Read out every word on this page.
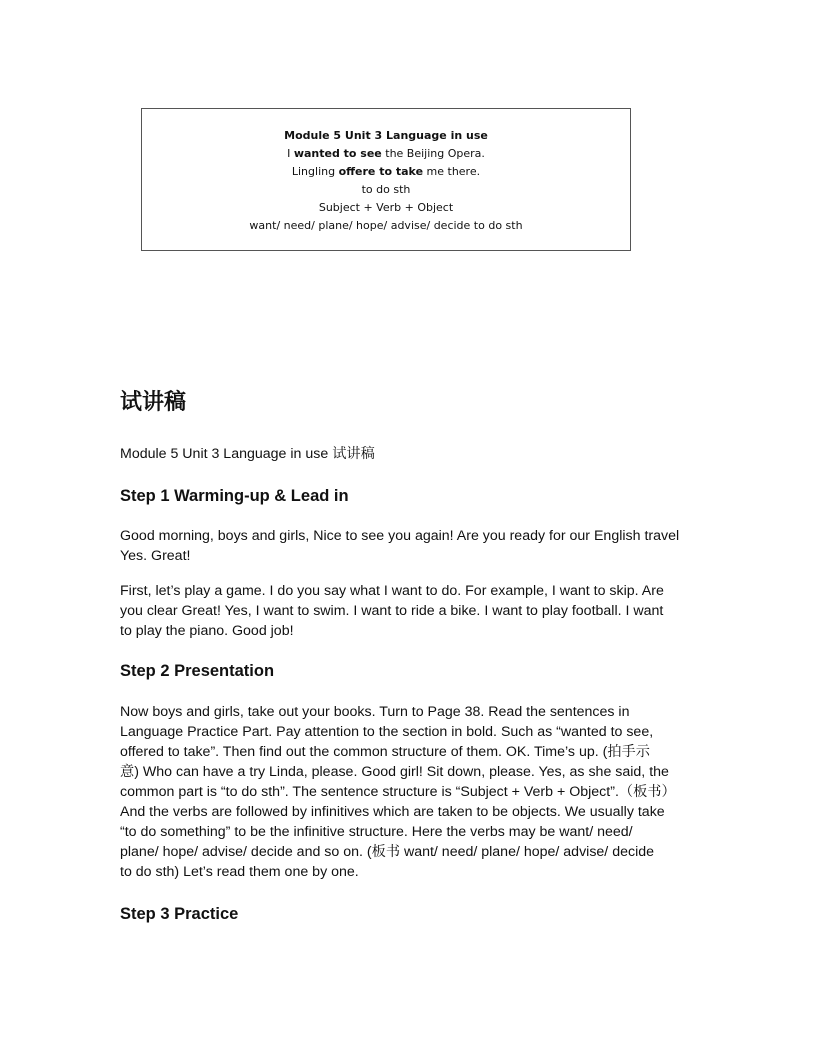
Module 5 Unit 3 Language in use
I wanted to see the Beijing Opera.
Lingling offere to take me there.
to do sth
Subject + Verb + Object
want/ need/ plane/ hope/ advise/ decide to do sth
试讲稿

Module 5 Unit 3 Language in use 试讲稿

Step 1 Warming-up & Lead in
Good morning, boys and girls, Nice to see you again! Are you ready for our English travel
Yes. Great!
First, let’s play a game. I do you say what I want to do. For example, I want to skip. Are
you clear Great! Yes, I want to swim. I want to ride a bike. I want to play football. I want
to play the piano. Good job!
Step 2 Presentation
Now boys and girls, take out your books. Turn to Page 38. Read the sentences in
Language Practice Part. Pay attention to the section in bold. Such as “wanted to see,
offered to take”. Then find out the common structure of them. OK. Time’s up. (拍手示
意) Who can have a try Linda, please. Good girl! Sit down, please. Yes, as she said, the
common part is “to do sth”. The sentence structure is “Subject + Verb + Object”.（板书）
And the verbs are followed by infinitives which are taken to be objects. We usually take
“to do something” to be the infinitive structure. Here the verbs may be want/ need/
plane/ hope/ advise/ decide and so on. (板书 want/ need/ plane/ hope/ advise/ decide
to do sth) Let’s read them one by one.
Step 3 Practice
